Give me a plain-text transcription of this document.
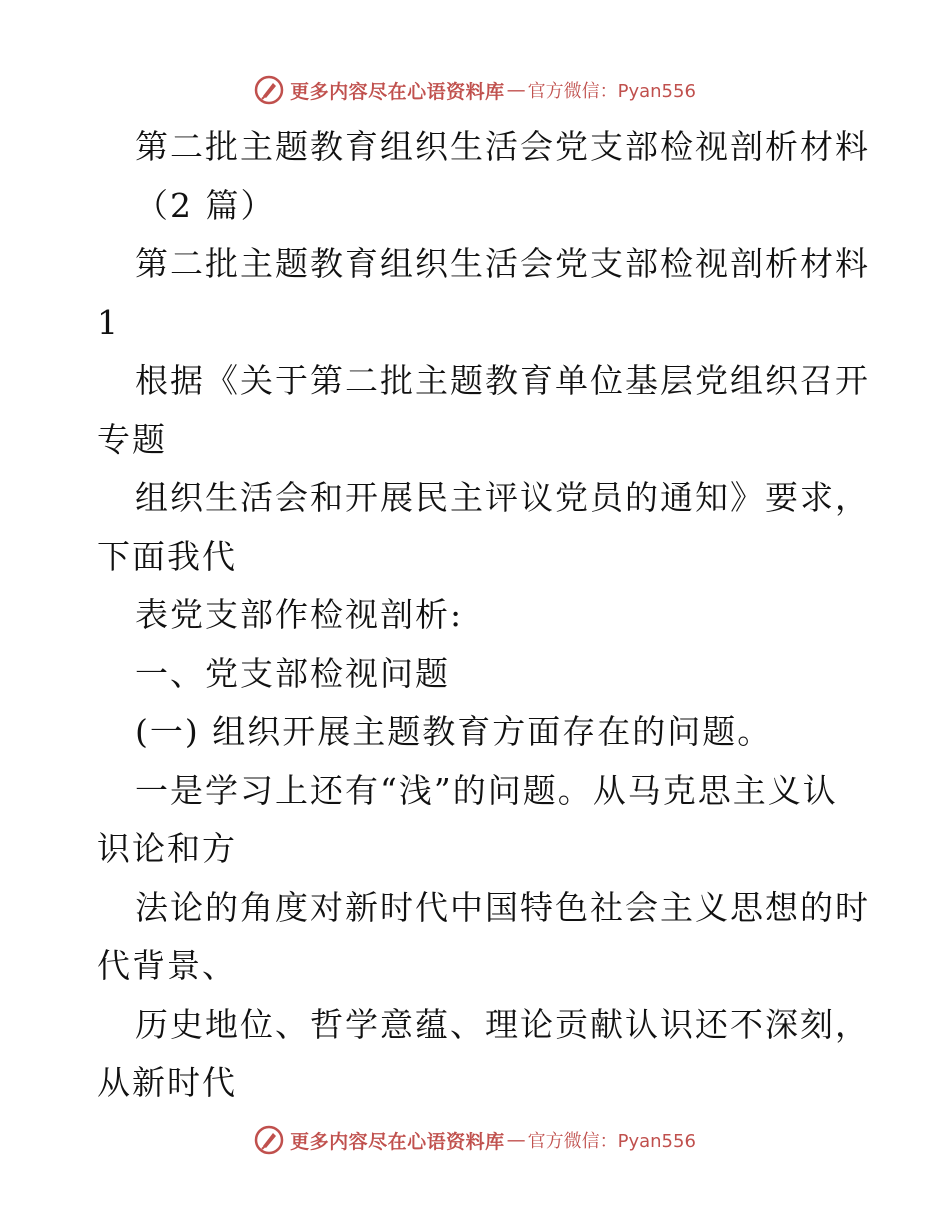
更多内容尽在心语资料库 — 官方微信：Pyan556
第二批主题教育组织生活会党支部检视剖析材料
（2 篇）
第二批主题教育组织生活会党支部检视剖析材料
1
根据《关于第二批主题教育单位基层党组织召开
专题
组织生活会和开展民主评议党员的通知》要求，
下面我代
表党支部作检视剖析:
一、党支部检视问题
(一) 组织开展主题教育方面存在的问题。
一是学习上还有“浅”的问题。从马克思主义认
识论和方
法论的角度对新时代中国特色社会主义思想的时
代背景、
历史地位、哲学意蕴、理论贡献认识还不深刻，
从新时代
更多内容尽在心语资料库 — 官方微信：Pyan556
